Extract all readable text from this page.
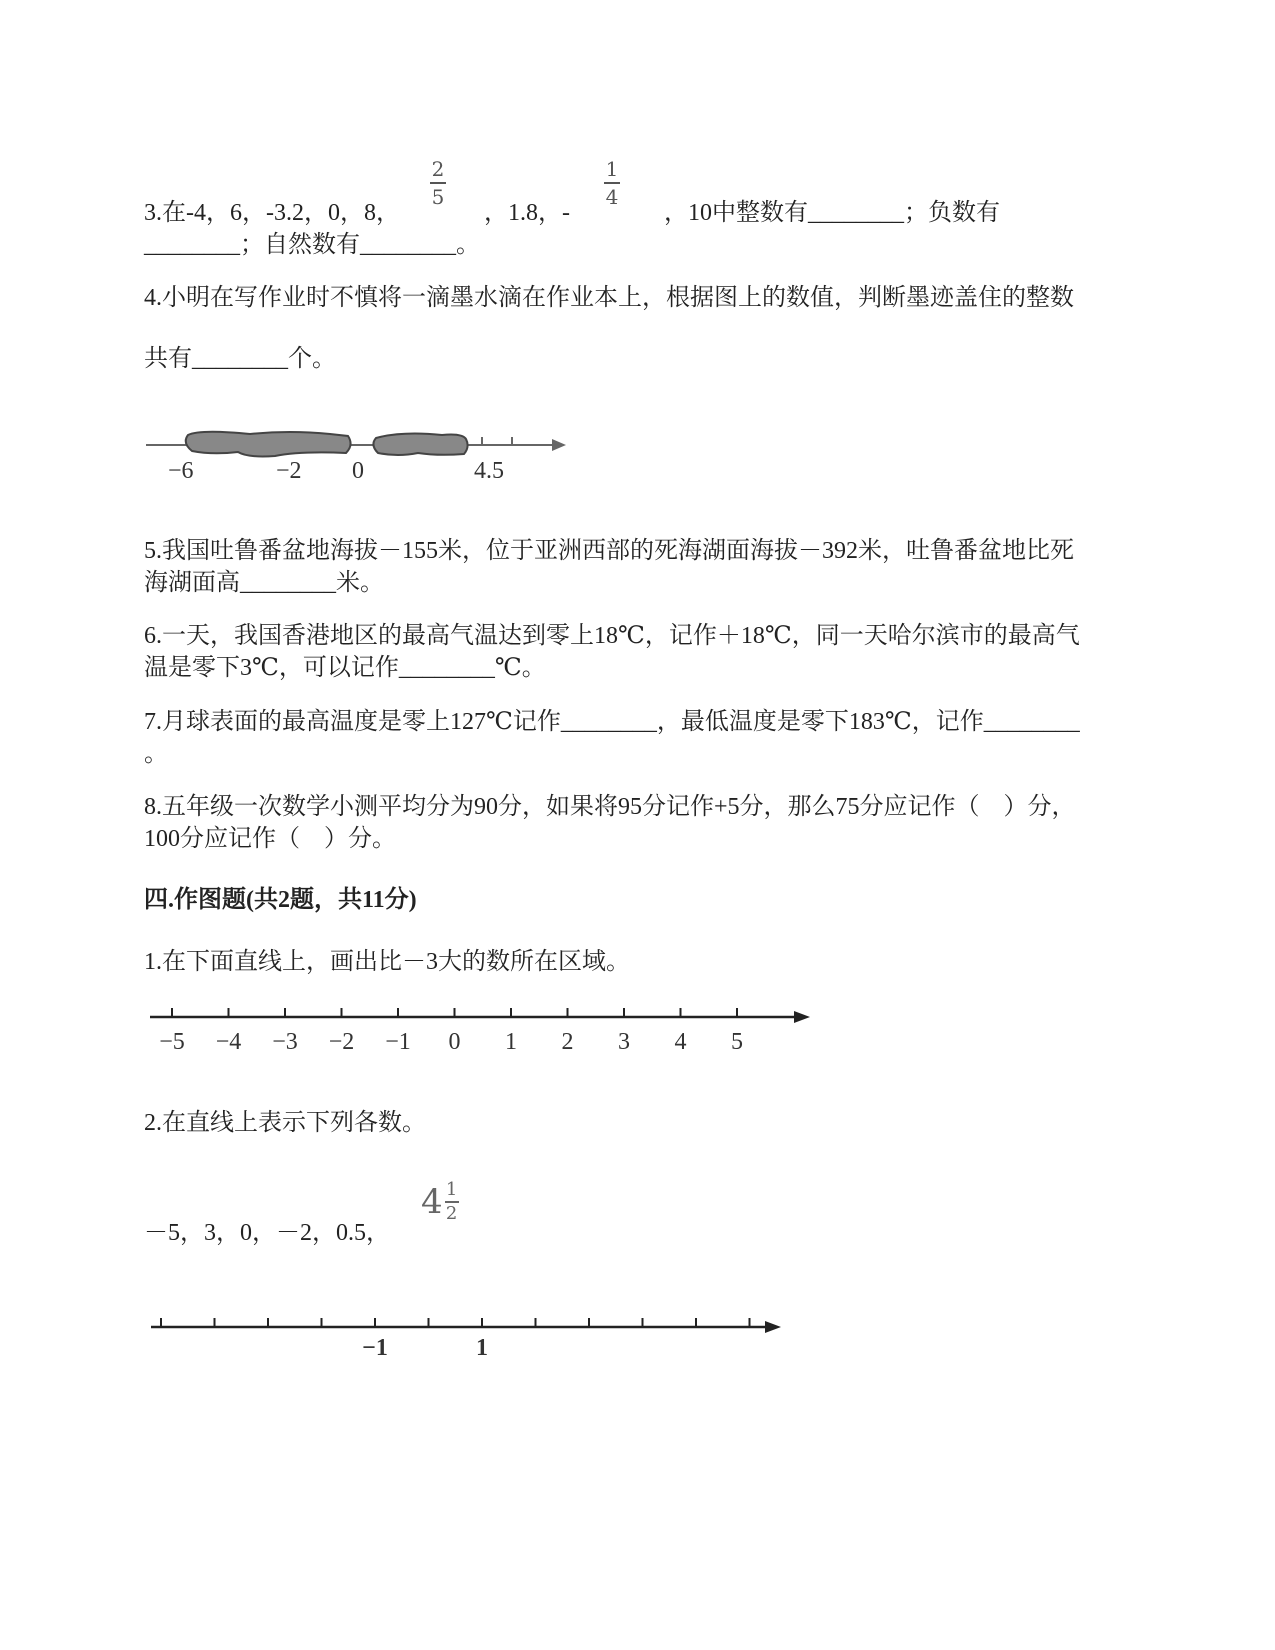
3.在-4，6，-3.2，0，8，
2
5
，1.8，-
1
4
，10中整数有________；负数有
________；自然数有________。
4.小明在写作业时不慎将一滴墨水滴在作业本上，根据图上的数值，判断墨迹盖住的整数
共有________个。
−6	−2 0	4.5
5.我国吐鲁番盆地海拔－155米，位于亚洲西部的死海湖面海拔－392米，吐鲁番盆地比死
海湖面高________米。
6.一天，我国香港地区的最高气温达到零上18℃，记作＋18℃，同一天哈尔滨市的最高气
温是零下3℃，可以记作________℃。
7.月球表面的最高温度是零上127℃记作________，最低温度是零下183℃，记作________
。
8.五年级一次数学小测平均分为90分，如果将95分记作+5分，那么75分应记作（　）分，
100分应记作（　）分。
四.作图题(共2题，共11分)
1.在下面直线上，画出比－3大的数所在区域。
−5 −4 −3 −2 −1 0 1 2 3 4 5
2.在直线上表示下列各数。
－5，3，0，－2，0.5，
4 1
2
−1	1
